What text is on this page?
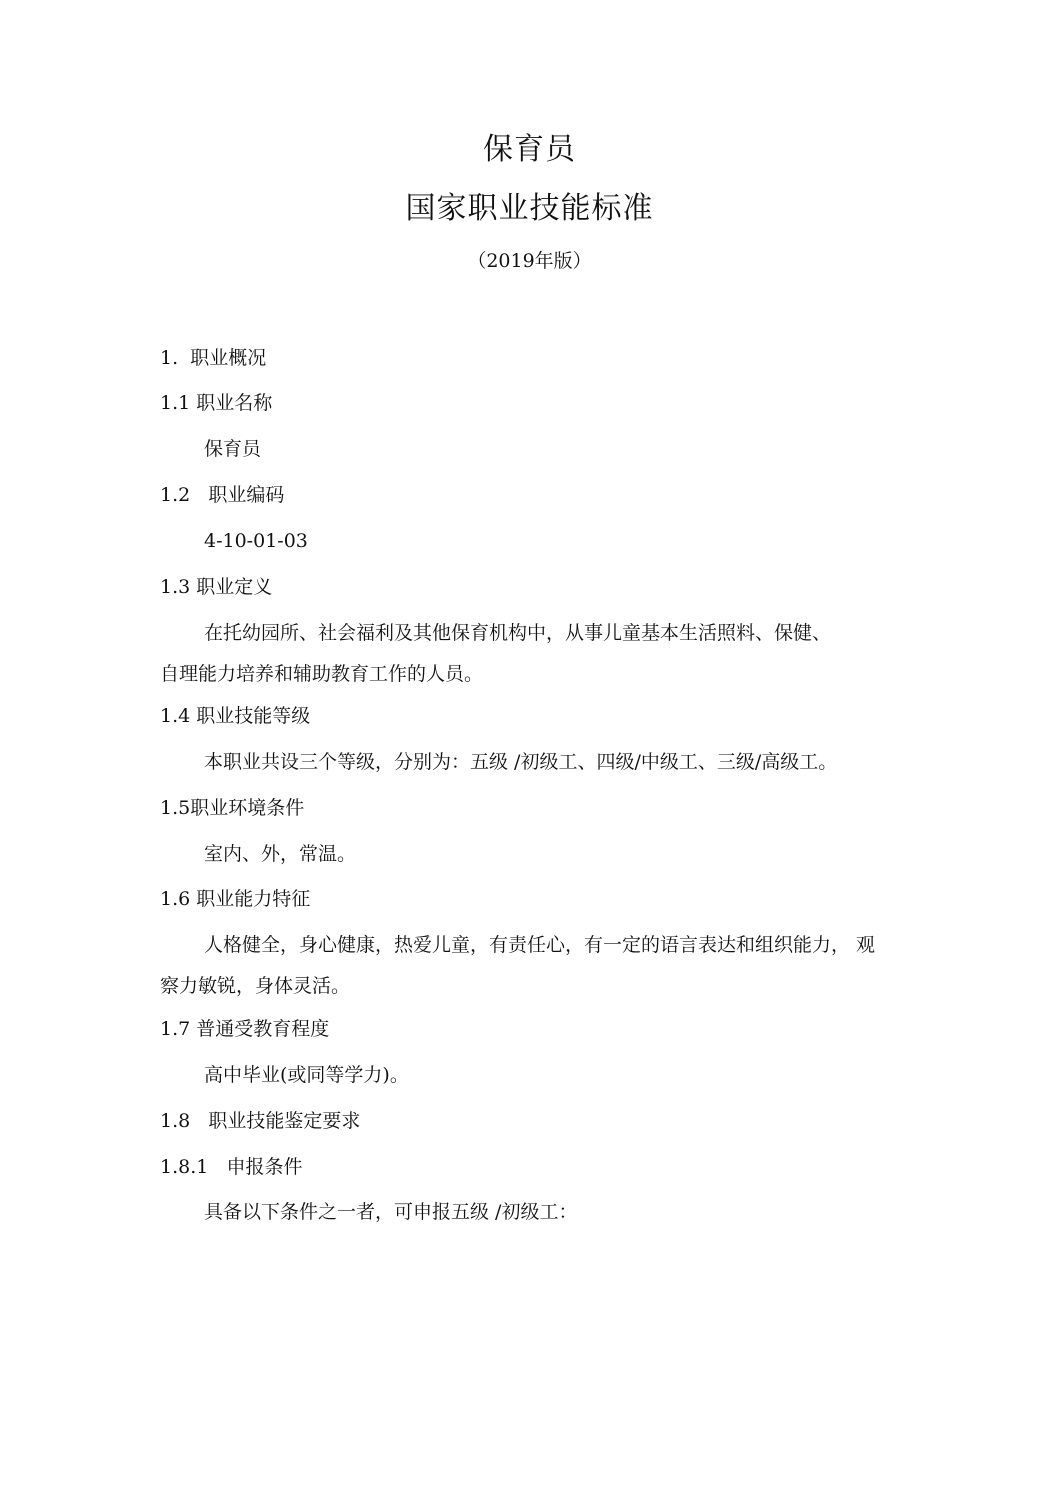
保育员
国家职业技能标准
（2019年版）
1. 职业概况
1.1 职业名称
保育员
1.2 职业编码
4-10-01-03
1.3 职业定义
在托幼园所、社会福利及其他保育机构中，从事儿童基本生活照料、保健、
自理能力培养和辅助教育工作的人员。
1.4 职业技能等级
本职业共设三个等级，分别为：五级 /初级工、四级/中级工、三级/高级工。
1.5职业环境条件
室内、外，常温。
1.6 职业能力特征
人格健全，身心健康，热爱儿童，有责任心，有一定的语言表达和组织能力， 观
察力敏锐，身体灵活。
1.7 普通受教育程度
高中毕业(或同等学力)。
1.8 职业技能鉴定要求
1.8.1 申报条件
具备以下条件之一者，可申报五级 /初级工：
